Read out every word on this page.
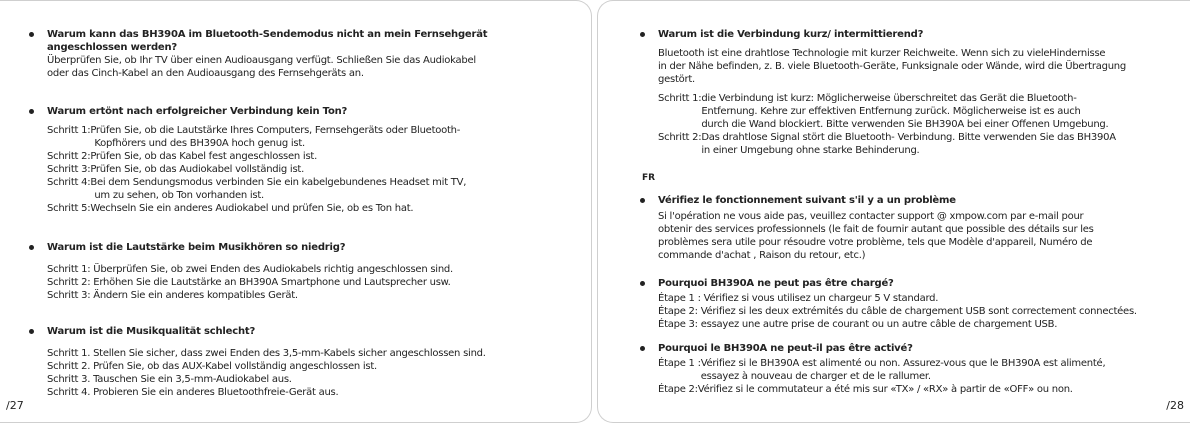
Warum kann das BH390A im Bluetooth-Sendemodus nicht an mein Fernsehgerät
angeschlossen werden?
Überprüfen Sie, ob Ihr TV über einen Audioausgang verfügt. Schließen Sie das Audiokabel
oder das Cinch-Kabel an den Audioausgang des Fernsehgeräts an.
Warum ertönt nach erfolgreicher Verbindung kein Ton?
Schritt 1: Prüfen Sie, ob die Lautstärke Ihres Computers, Fernsehgeräts oder Bluetooth-
Kopfhörers und des BH390A hoch genug ist.
Schritt 2: Prüfen Sie, ob das Kabel fest angeschlossen ist.
Schritt 3: Prüfen Sie, ob das Audiokabel vollständig ist.
Schritt 4: Bei dem Sendungsmodus verbinden Sie ein kabelgebundenes Headset mit TV,
um zu sehen, ob Ton vorhanden ist.
Schritt 5: Wechseln Sie ein anderes Audiokabel und prüfen Sie, ob es Ton hat.
Warum ist die Lautstärke beim Musikhören so niedrig?
Schritt 1: Überprüfen Sie, ob zwei Enden des Audiokabels richtig angeschlossen sind.
Schritt 2: Erhöhen Sie die Lautstärke an BH390A Smartphone und Lautsprecher usw.
Schritt 3: Ändern Sie ein anderes kompatibles Gerät.
Warum ist die Musikqualität schlecht?
Schritt 1. Stellen Sie sicher, dass zwei Enden des 3,5-mm-Kabels sicher angeschlossen sind.
Schritt 2. Prüfen Sie, ob das AUX-Kabel vollständig angeschlossen ist.
Schritt 3. Tauschen Sie ein 3,5-mm-Audiokabel aus.
Schritt 4. Probieren Sie ein anderes Bluetoothfreie-Gerät aus.
/27
Warum ist die Verbindung kurz/ intermittierend?
Bluetooth ist eine drahtlose Technologie mit kurzer Reichweite. Wenn sich zu vieleHindernisse
in der Nähe befinden, z. B. viele Bluetooth-Geräte, Funksignale oder Wände, wird die Übertragung
gestört.
Schritt 1: die Verbindung ist kurz: Möglicherweise überschreitet das Gerät die Bluetooth-
Entfernung. Kehre zur effektiven Entfernung zurück. Möglicherweise ist es auch
durch die Wand blockiert. Bitte verwenden Sie BH390A bei einer Offenen Umgebung.
Schritt 2: Das drahtlose Signal stört die Bluetooth- Verbindung. Bitte verwenden Sie das BH390A
in einer Umgebung ohne starke Behinderung.
FR
Vérifiez le fonctionnement suivant s'il y a un problème
Si l'opération ne vous aide pas, veuillez contacter support @ xmpow.com par e-mail pour
obtenir des services professionnels (le fait de fournir autant que possible des détails sur les
problèmes sera utile pour résoudre votre problème, tels que Modèle d'appareil, Numéro de
commande d'achat , Raison du retour, etc.)
Pourquoi BH390A ne peut pas être chargé?
Étape 1 : Vérifiez si vous utilisez un chargeur 5 V standard.
Étape 2: Vérifiez si les deux extrémités du câble de chargement USB sont correctement connectées.
Étape 3: essayez une autre prise de courant ou un autre câble de chargement USB.
Pourquoi le BH390A ne peut-il pas être activé?
Étape 1 : Vérifiez si le BH390A est alimenté ou non. Assurez-vous que le BH390A est alimenté,
essayez à nouveau de charger et de le rallumer.
Étape 2: Vérifiez si le commutateur a été mis sur «TX» / «RX» à partir de «OFF» ou non.
/28
